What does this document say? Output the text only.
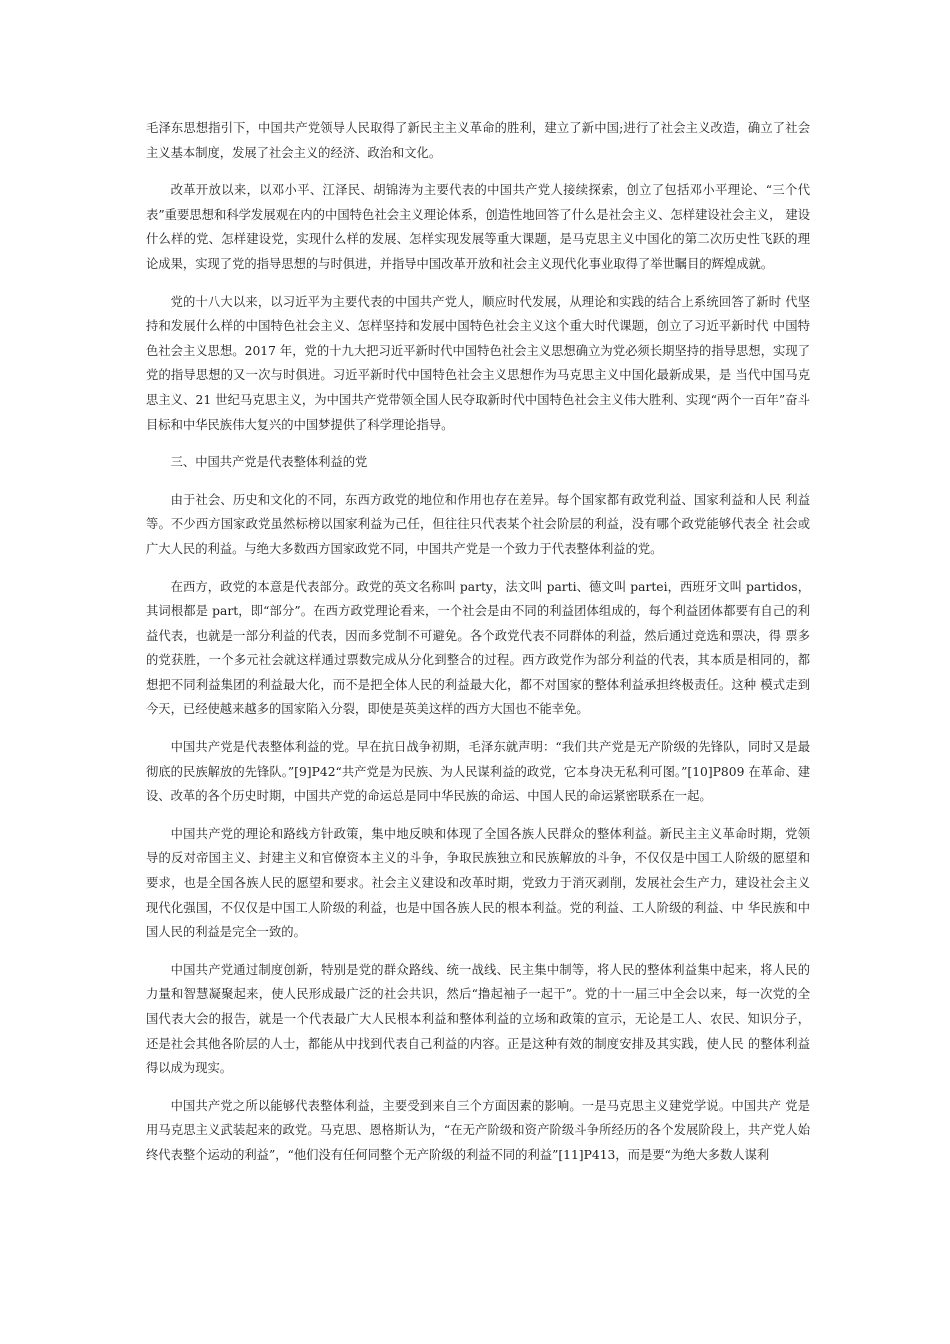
毛泽东思想指引下，中国共产党领导人民取得了新民主主义革命的胜利，建立了新中国;进行了社会主义改造，确立了社会主义基本制度，发展了社会主义的经济、政治和文化。

改革开放以来，以邓小平、江泽民、胡锦涛为主要代表的中国共产党人接续探索，创立了包括邓小平理论、“三个代表”重要思想和科学发展观在内的中国特色社会主义理论体系，创造性地回答了什么是社会主义、怎样建设社会主义， 建设什么样的党、怎样建设党，实现什么样的发展、怎样实现发展等重大课题，是马克思主义中国化的第二次历史性飞跃的理论成果，实现了党的指导思想的与时俱进，并指导中国改革开放和社会主义现代化事业取得了举世瞩目的辉煌成就。

党的十八大以来，以习近平为主要代表的中国共产党人，顺应时代发展，从理论和实践的结合上系统回答了新时 代坚持和发展什么样的中国特色社会主义、怎样坚持和发展中国特色社会主义这个重大时代课题，创立了习近平新时代 中国特色社会主义思想。2017 年，党的十九大把习近平新时代中国特色社会主义思想确立为党必须长期坚持的指导思想，实现了党的指导思想的又一次与时俱进。习近平新时代中国特色社会主义思想作为马克思主义中国化最新成果，是 当代中国马克思主义、21 世纪马克思主义，为中国共产党带领全国人民夺取新时代中国特色社会主义伟大胜利、实现“两个一百年”奋斗目标和中华民族伟大复兴的中国梦提供了科学理论指导。

三、中国共产党是代表整体利益的党

由于社会、历史和文化的不同，东西方政党的地位和作用也存在差异。每个国家都有政党利益、国家利益和人民 利益等。不少西方国家政党虽然标榜以国家利益为己任，但往往只代表某个社会阶层的利益，没有哪个政党能够代表全 社会或广大人民的利益。与绝大多数西方国家政党不同，中国共产党是一个致力于代表整体利益的党。

在西方，政党的本意是代表部分。政党的英文名称叫 party，法文叫 parti、德文叫 partei，西班牙文叫 partidos，其词根都是 part，即“部分”。在西方政党理论看来，一个社会是由不同的利益团体组成的，每个利益团体都要有自己的利益代表，也就是一部分利益的代表，因而多党制不可避免。各个政党代表不同群体的利益，然后通过竞选和票决，得 票多的党获胜，一个多元社会就这样通过票数完成从分化到整合的过程。西方政党作为部分利益的代表，其本质是相同的，都想把不同利益集团的利益最大化，而不是把全体人民的利益最大化，都不对国家的整体利益承担终极责任。这种 模式走到今天，已经使越来越多的国家陷入分裂，即使是英美这样的西方大国也不能幸免。

中国共产党是代表整体利益的党。早在抗日战争初期，毛泽东就声明：“我们共产党是无产阶级的先锋队，同时又是最彻底的民族解放的先锋队。”[9]P42“共产党是为民族、为人民谋利益的政党，它本身决无私利可图。”[10]P809 在革命、建设、改革的各个历史时期，中国共产党的命运总是同中华民族的命运、中国人民的命运紧密联系在一起。

中国共产党的理论和路线方针政策，集中地反映和体现了全国各族人民群众的整体利益。新民主主义革命时期，党领导的反对帝国主义、封建主义和官僚资本主义的斗争，争取民族独立和民族解放的斗争，不仅仅是中国工人阶级的愿望和要求，也是全国各族人民的愿望和要求。社会主义建设和改革时期，党致力于消灭剥削，发展社会生产力，建设社会主义现代化强国，不仅仅是中国工人阶级的利益，也是中国各族人民的根本利益。党的利益、工人阶级的利益、中 华民族和中国人民的利益是完全一致的。

中国共产党通过制度创新，特别是党的群众路线、统一战线、民主集中制等，将人民的整体利益集中起来，将人民的力量和智慧凝聚起来，使人民形成最广泛的社会共识，然后“撸起袖子一起干”。党的十一届三中全会以来，每一次党的全国代表大会的报告，就是一个代表最广大人民根本利益和整体利益的立场和政策的宣示，无论是工人、农民、知识分子，还是社会其他各阶层的人士，都能从中找到代表自己利益的内容。正是这种有效的制度安排及其实践，使人民 的整体利益得以成为现实。

中国共产党之所以能够代表整体利益，主要受到来自三个方面因素的影响。一是马克思主义建党学说。中国共产 党是用马克思主义武装起来的政党。马克思、恩格斯认为，“在无产阶级和资产阶级斗争所经历的各个发展阶段上，共产党人始终代表整个运动的利益”，“他们没有任何同整个无产阶级的利益不同的利益”[11]P413，而是要“为绝大多数人谋利
